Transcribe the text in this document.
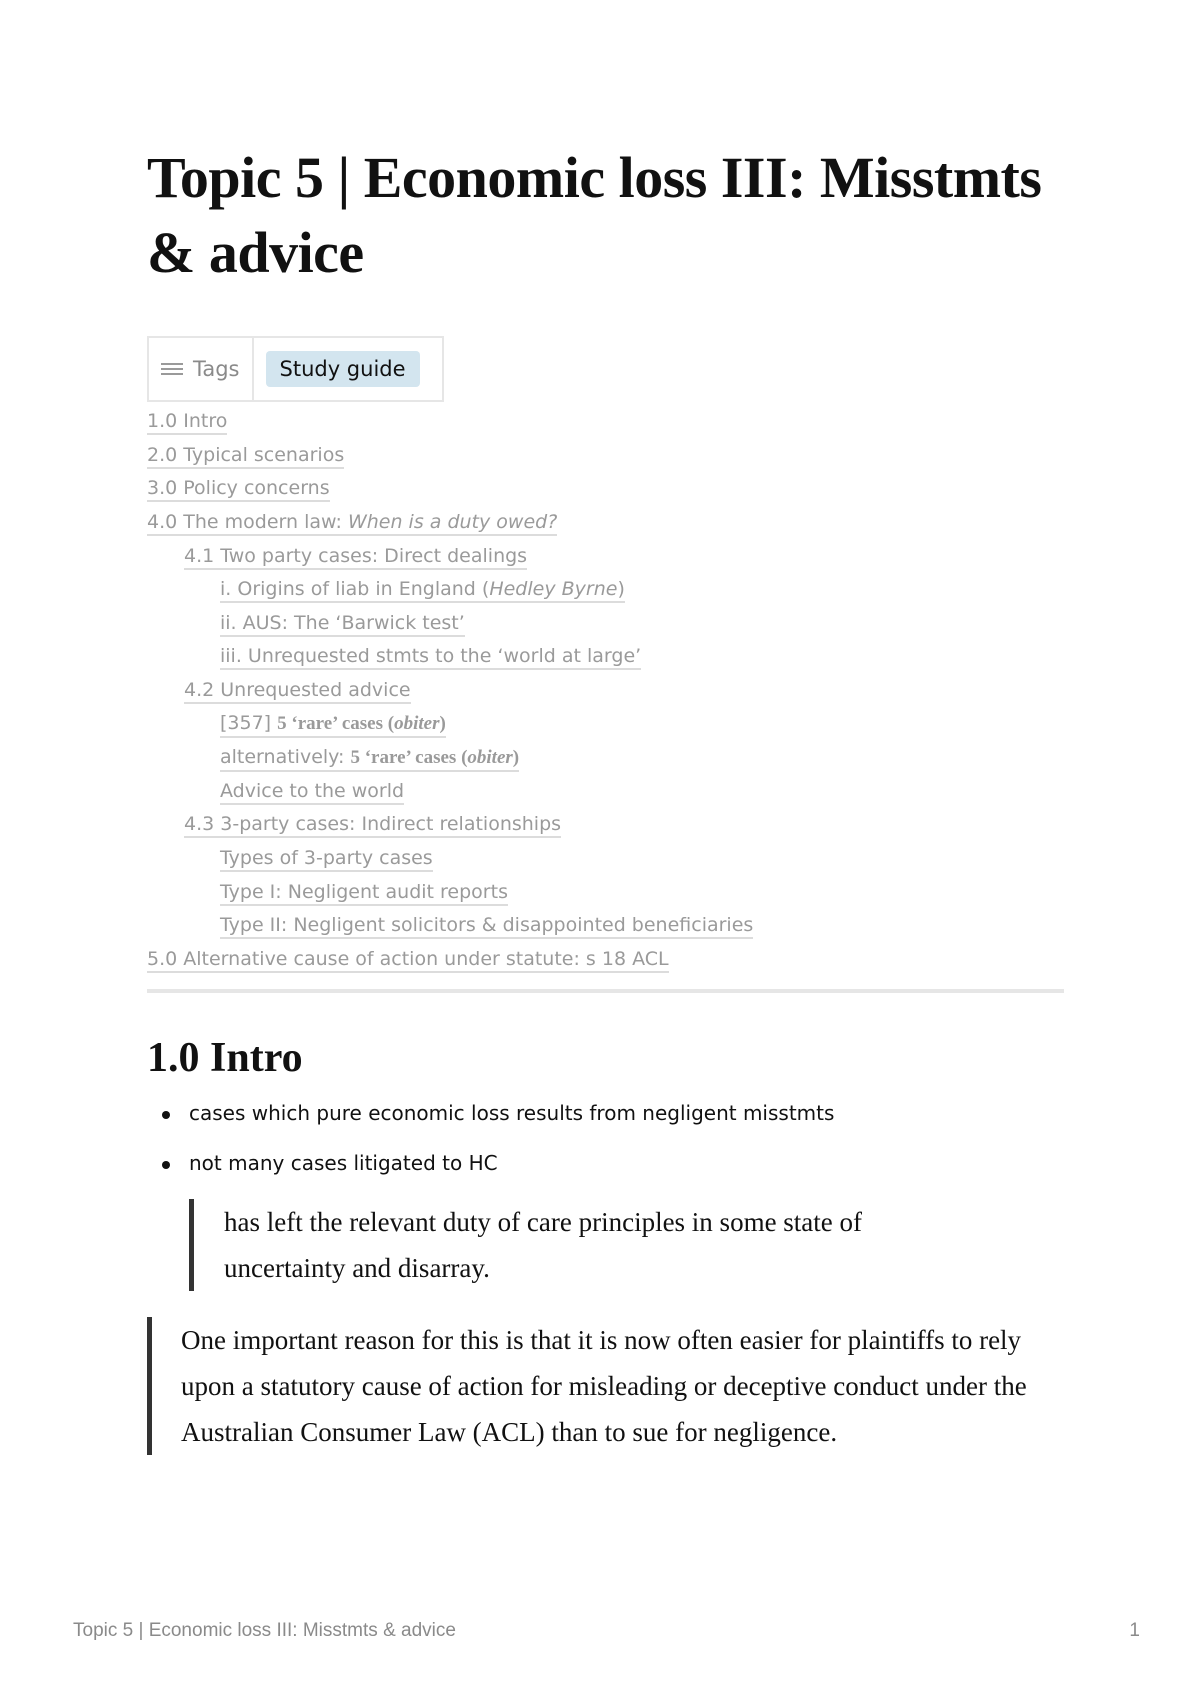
Topic 5 | Economic loss III: Misstmts & advice
Tags	Study guide
1.0 Intro
2.0 Typical scenarios
3.0 Policy concerns
4.0 The modern law: When is a duty owed?
4.1 Two party cases: Direct dealings
i. Origins of liab in England (Hedley Byrne)
ii. AUS: The ‘Barwick test’
iii. Unrequested stmts to the ‘world at large’
4.2 Unrequested advice
[357] 5 ‘rare’ cases (obiter)
alternatively: 5 ‘rare’ cases (obiter)
Advice to the world
4.3 3-party cases: Indirect relationships
Types of 3-party cases
Type I: Negligent audit reports
Type II: Negligent solicitors & disappointed beneficiaries
5.0 Alternative cause of action under statute: s 18 ACL
1.0 Intro
cases which pure economic loss results from negligent misstmts
not many cases litigated to HC
has left the relevant duty of care principles in some state of uncertainty and disarray.
One important reason for this is that it is now often easier for plaintiffs to rely upon a statutory cause of action for misleading or deceptive conduct under the Australian Consumer Law (ACL) than to sue for negligence.
Topic 5 | Economic loss III: Misstmts & advice	1
